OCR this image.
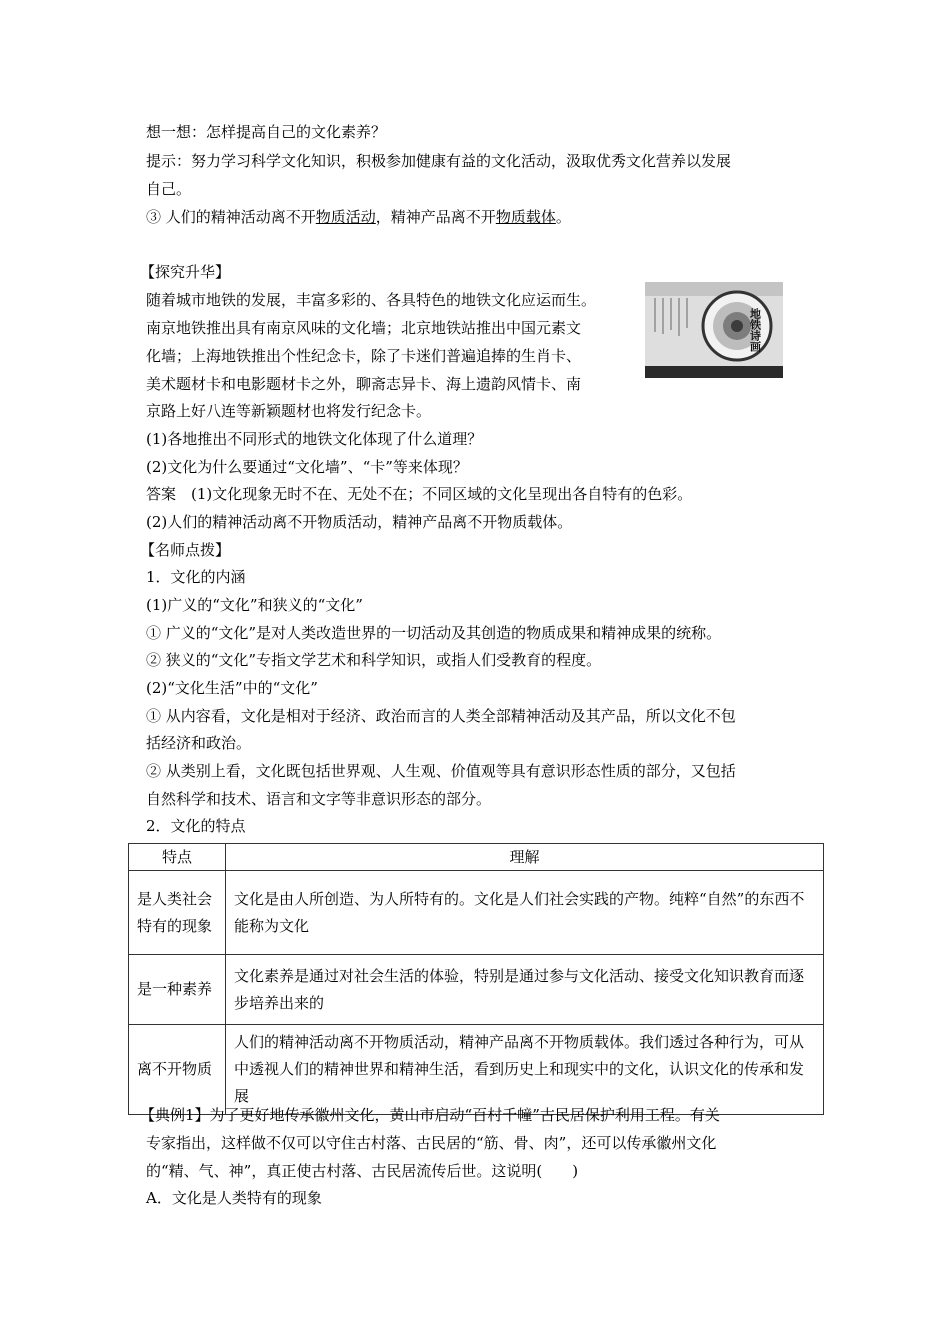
想一想：怎样提高自己的文化素养？
提示：努力学习科学文化知识，积极参加健康有益的文化活动，汲取优秀文化营养以发展
自己。
③ 人们的精神活动离不开物质活动，精神产品离不开物质载体。
【探究升华】
随着城市地铁的发展，丰富多彩的、各具特色的地铁文化应运而生。
南京地铁推出具有南京风味的文化墙；北京地铁站推出中国元素文
化墙；上海地铁推出个性纪念卡，除了卡迷们普遍追捧的生肖卡、
美术题材卡和电影题材卡之外，聊斋志异卡、海上遗韵风情卡、南
京路上好八连等新颖题材也将发行纪念卡。
地铁诗画
(1)各地推出不同形式的地铁文化体现了什么道理？
(2)文化为什么要通过“文化墙”、“卡”等来体现？
答案　(1)文化现象无时不在、无处不在；不同区域的文化呈现出各自特有的色彩。
(2)人们的精神活动离不开物质活动，精神产品离不开物质载体。
【名师点拨】
1．文化的内涵
(1)广义的“文化”和狭义的“文化”
① 广义的“文化”是对人类改造世界的一切活动及其创造的物质成果和精神成果的统称。
② 狭义的“文化”专指文学艺术和科学知识，或指人们受教育的程度。
(2)“文化生活”中的“文化”
① 从内容看，文化是相对于经济、政治而言的人类全部精神活动及其产品，所以文化不包
括经济和政治。
② 从类别上看，文化既包括世界观、人生观、价值观等具有意识形态性质的部分，又包括
自然科学和技术、语言和文字等非意识形态的部分。
2．文化的特点
特点	理解
是人类社会特有的现象	文化是由人所创造、为人所特有的。文化是人们社会实践的产物。纯粹“自然”的东西不能称为文化
是一种素养	文化素养是通过对社会生活的体验，特别是通过参与文化活动、接受文化知识教育而逐步培养出来的
离不开物质	人们的精神活动离不开物质活动，精神产品离不开物质载体。我们透过各种行为，可从中透视人们的精神世界和精神生活，看到历史上和现实中的文化，认识文化的传承和发展
【典例1】为了更好地传承徽州文化，黄山市启动“百村千幢”古民居保护利用工程。有关
专家指出，这样做不仅可以守住古村落、古民居的“筋、骨、肉”，还可以传承徽州文化
的“精、气、神”，真正使古村落、古民居流传后世。这说明(　　)
A．文化是人类特有的现象
